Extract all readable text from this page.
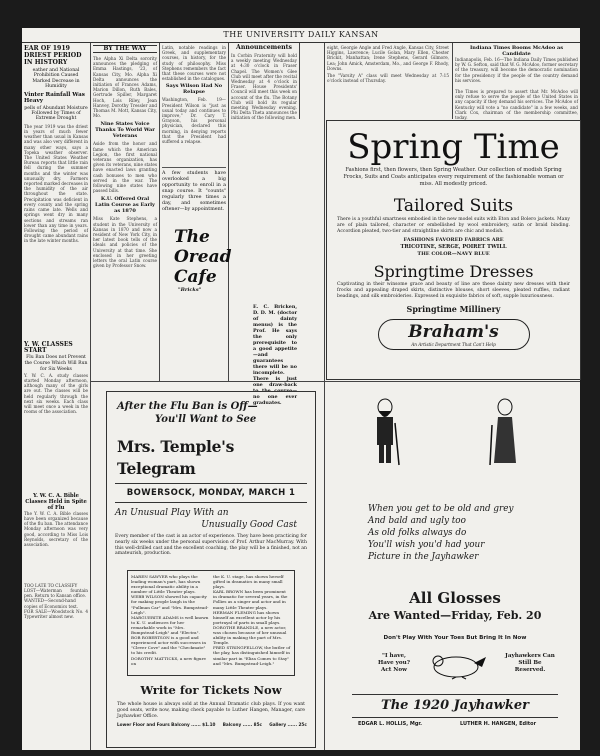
THE UNIVERSITY DAILY KANSAN
EAR OF 1919 DRIEST PERIOD IN HISTORY
eather and National Prohibition Caused Marked Decrease in Humidity
Vinter Rainfall Was Heavy
pells of Abundant Moisture Followed by Times of Extreme Drought

The year 1919 was the driest in years of much fewer weather than usual in Kansas and was also very different in many other ways, says a Topeka weather observer. The United States Weather Bureau reports that little rain fell during the summer months and the winter was unusually dry. Farmers reported marked decreases in the humidity of the air throughout the state. Precipitation was deficient in every county and the spring rains came late. Wells and springs went dry in many sections and streams ran lower than any time in years. Following the period of drought came abundant rains in the late winter months.

Y. W. CLASSES START
Flu Ban Does not Prevent the Course Which Will Run for Six Weeks

Y. W. C. A. study classes started Monday afternoon, although many of the girls are out. The classes will be held regularly through the next six weeks. Each class will meet once a week in the rooms of the association.

Y. W. C. A. Bible Classes Held in Spite of Flu

The Y. W. C. A. Bible classes have been organized because of the flu ban. The attendance Monday afternoon was very good, according to Miss Lois Reynolds, secretary of the association.

TOO LATE TO CLASSIFY
LOST—Waterman fountain pen. Return to Kansan office.
WANTED—Second-hand copies of Economics text.
FOR SALE—Woodstock No. 4 Typewriter almost new.

BY THE WAY

The Alpha Xi Delta sorority announces the pledging of Emma Hastings, '23, of Kansas City, Mo. Alpha Xi Delta announces the initiation of Frances Adams, Marion Dillon, Ruth Bales, Gertrude Spiller, Margaret Hoch, Lois Riley, Jean Hanvey, Dorothy Tressler and Thomas M. Mott, Kansas City, Mo.

Nine States Voice Thanks To World War Veterans

Aside from the honor and fame which the American Legion, the first national veterans organization, has given its veterans, nine states have enacted laws granting cash bonuses to men who served in the war. The following nine states have passed bills.

K.U. Offered Oral Latin Course as Early as 1870

Miss Kate Stephens, a student in the University of Kansas in 1870 and now a resident of New York City, in her latest book tells of the ideals and policies of the University at that time. She enclosed in her greeting letters the oral Latin course given by Professor Snow.

Latin, notable readings in Greek, and supplementary courses, in history, for the study of philosophy. Miss Stephens remembers the fact that these courses were not established in the catalogues.

Says Wilson Had No Relapse

Washington, Feb. 19—President Wilson is "just as usual today and continues to improve," Dr. Cary T. Grayson, his personal physician, declared this morning, in denying reports that the President had suffered a relapse.

A few students have overlooked a big opportunity to enroll in a snap course. It "counts" regularly three times a day, and sometimes oftener—by appointment.

The
Oread
Cafe
"Bricks"
Announcements

In Corbin Fraternity will hold a weekly meeting Wednesday at 4:30 o'clock in Fraser Chapel. The Women's Glee Club will meet after the recital Wednesday at 4 o'clock in Fraser. House Presidents' Council will meet this week on account of the flu. The Botany Club will hold its regular meeting Wednesday evening. Phi Delta Theta announces the initiation of the following men.

E. C. Bricken, D. D. M. (doctor of dainty menus) is the Prof. He says the only prerequisite to a good appetite—and guarantees there will be no incomplete. There is just one draw-back to the course—no one ever graduates.

eight, Georgie Angle and Fred Angle, Kansas City, Street Higgins, Lawrence; Lucile Golan, Mary Ellen, Chester Brickit, Manhattan; Irene Stephens, Gerard Gilmore, Lea; John Amick, Amsterdam, Mo., and George F. Rhody, Downs.

The "Varsity A" class will meet Wednesday at 7:15 o'clock instead of Thursday.

Indiana Times Booms McAdoo as Candidate

Indianapolis, Feb. 16—The Indiana Daily Times published by W. G. Sefton, said that W. G. McAdoo, former secretary of the treasury, will become the democratic nomination for the presidency if the people of the country demand his services.

The Times is prepared to assert that Mr. McAdoo will only refuse to serve the people of the United States in any capacity if they demand his services. The McAdoo of Kentucky will vote a "no candidate" in a few weeks, and Clark Cox, chairman of the membership committee, today.

Spring Time
Fashions first, then flowers, then Spring Weather. Our collection of modish Spring Frocks, Suits and Coats anticipates every requirement of the fashionable woman or miss. All modestly priced.
Tailored Suits
There is a youthful smartness embodied in the new model suits with Eton and Bolero jackets. Many are of plain tailored, character or embellished by wool embroidery, satin or braid binding. Accordion pleated, two-tier and straightline skirts are chic and modish.
FASHIONS FAVORED FABRICS ARE
TRICOTINE, SERGE, POIRET TWILL
THE COLOR—NAVY BLUE
Springtime Dresses
Captivating in their winsome grace and beauty of line are these dainty new dresses with their frocks and appealing draped skirts, distinctive blouses, short sleeves, pleated ruffles, radiant beadings, and silk embroideries. Expressed in exquisite fabrics of soft, supple luxuriousness.
Springtime Millinery
Braham's
An Artistic Department That Can't Help
After the Flu Ban is Off—
You'll Want to See
Mrs. Temple's Telegram
BOWERSOCK, MONDAY, MARCH 1
An Unusual Play With an
Unusually Good Cast
Every member of the cast is an actor of experience. They have been practicing for nearly six weeks under the personal supervision of Prof. Arthur MacMurray. With this well-drilled cast and the excellent coaching, the play will be a finished, not an amateurish, production.
MAREN SAWYER who plays the leading woman's part, has shown exceptional dramatic ability in a number of Little Theater plays.
WEBB WILSON showed his capacity for making people laugh in the "Pullman Car" and "Mrs. Bumpstead-Leigh".
MARGUERITE ADAMS is well known to K. U. audiences for her remarkable work in "Mrs. Bumpstead-Leigh" and "Electra".
BOB ROBERTSON is a good and experienced actor with successes in "Clever Cove" and the "Checkmate" to his credit.
DOROTHY MATTICKS, a new figure on
the K. U. stage, has shown herself gifted in dramatics in many small plays.
KARL BROWN has been prominent in dramatic for several years, in the Follies as a singer and actor and in many Little Theater plays.
HERMAN FLEMING has shown himself an excellent actor by his portrayal of parts in small plays.
DOROTHE BRANDLE, a new actor, was chosen because of her unusual ability in making the part of Mrs. Temple.
FRED STRINGFELLOW, the butler of the play, has distinguished himself in similar part in "Eliza Comes to Stay" and "Mrs. Bumpstead-Leigh."
Write for Tickets Now
The whole house is always sold at the Annual Dramatic club plays. If you want good seats, write now, making check payable to Luther Hangen, Manager, care Jayhawker Office.
Lower Floor and Fours Balcony ...... $1.10     Balcony ...... 85c     Gallery ...... 25c
When you get to be old and grey
And bald and ugly too
As old folks always do
You'll wish you'd had your
Picture in the Jayhawker
All Glosses
Are Wanted—Friday, Feb. 20
Don't Play With Your Toes But Bring It In Now
"I have,
Have you?
Act Now
Jayhawkers Can
Still Be
Reserved.
The 1920 Jayhawker
EDGAR L. HOLLIS, Mgr.	LUTHER H. HANGEN, Editor
